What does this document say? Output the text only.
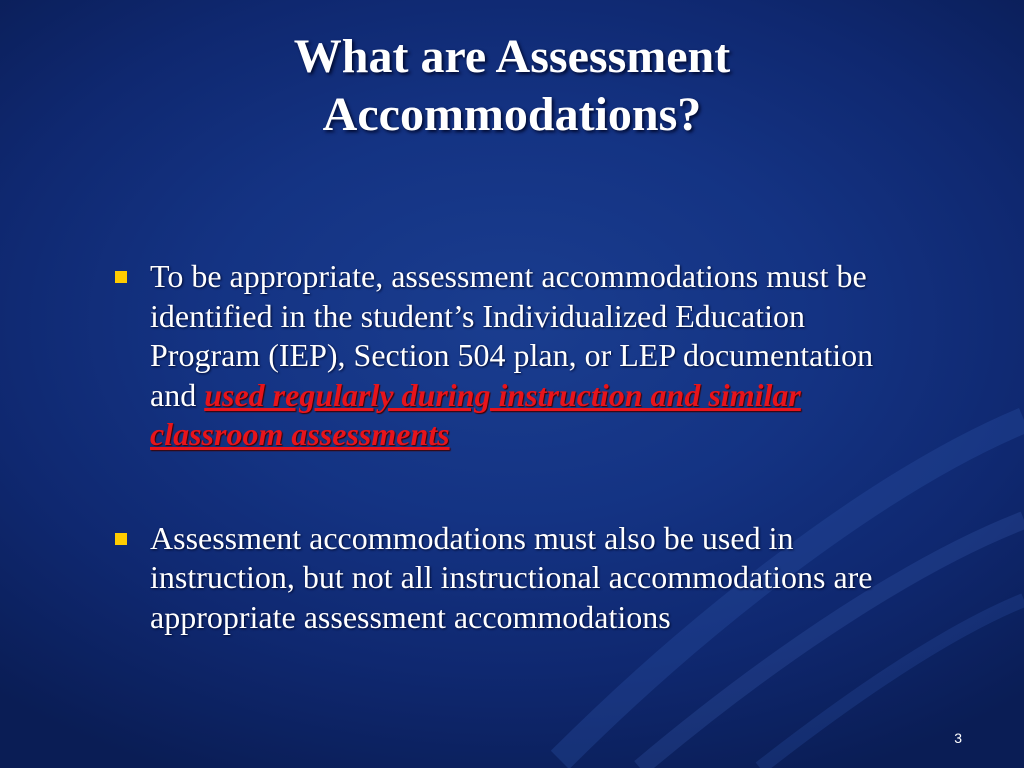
What are Assessment Accommodations?
To be appropriate, assessment accommodations must be identified in the student’s Individualized Education Program (IEP), Section 504 plan, or LEP documentation and used regularly during instruction and similar classroom assessments
Assessment accommodations must also be used in instruction, but not all instructional accommodations are appropriate assessment accommodations
3
